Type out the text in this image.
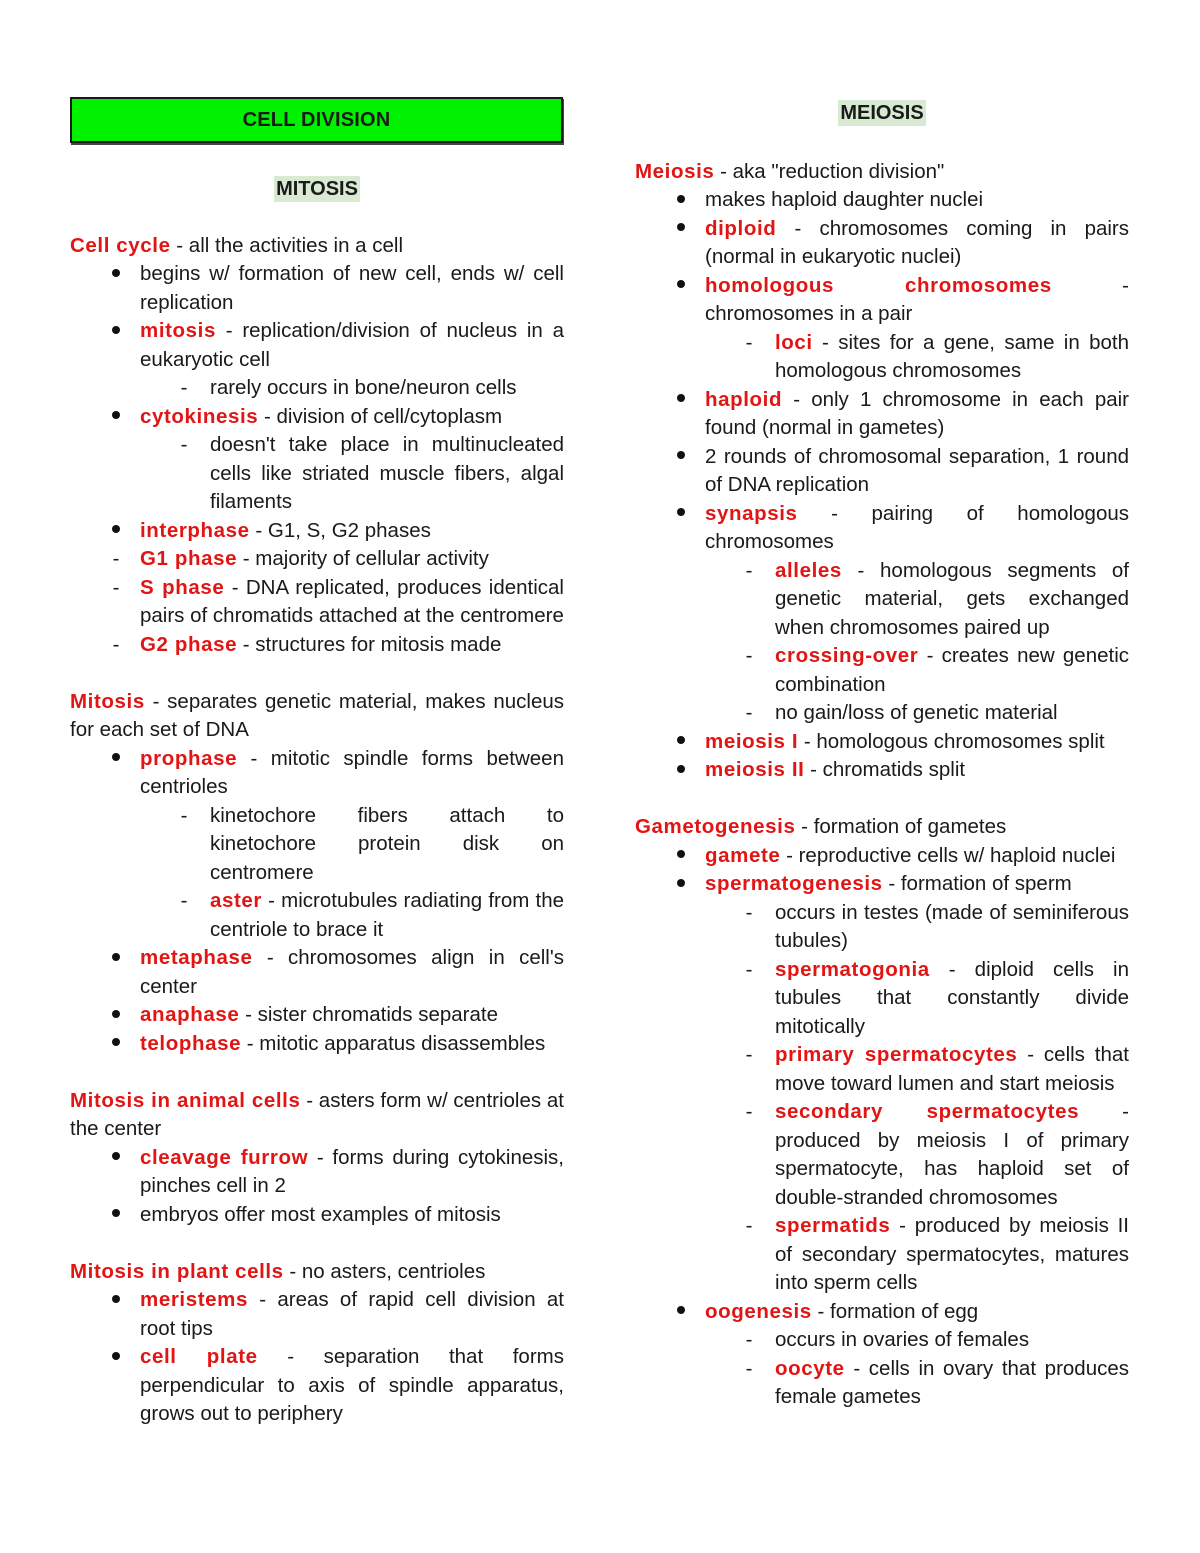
CELL DIVISION
MITOSIS

Cell cycle - all the activities in a cell

begins w/ formation of new cell, ends w/ cell replication
mitosis - replication/division of nucleus in a eukaryotic cell
-	rarely occurs in bone/neuron cells
cytokinesis - division of cell/cytoplasm
-	doesn't take place in multinucleated cells like striated muscle fibers, algal filaments
interphase - G1, S, G2 phases
-	G1 phase - majority of cellular activity
-	S phase - DNA replicated, produces identical pairs of chromatids attached at the centromere
-	G2 phase - structures for mitosis made

Mitosis - separates genetic material, makes nucleus for each set of DNA

prophase - mitotic spindle forms between centrioles
-	kinetochore fibers attach to kinetochore protein disk on centromere
-	aster - microtubules radiating from the centriole to brace it
metaphase - chromosomes align in cell's center
anaphase - sister chromatids separate
telophase - mitotic apparatus disassembles

Mitosis in animal cells - asters form w/ centrioles at the center

cleavage furrow - forms during cytokinesis, pinches cell in 2
embryos offer most examples of mitosis

Mitosis in plant cells - no asters, centrioles

meristems - areas of rapid cell division at root tips
cell plate - separation that forms perpendicular to axis of spindle apparatus, grows out to periphery
MEIOSIS

Meiosis - aka "reduction division"

makes haploid daughter nuclei
diploid - chromosomes coming in pairs (normal in eukaryotic nuclei)
homologous chromosomes - chromosomes in a pair
-	loci - sites for a gene, same in both homologous chromosomes
haploid - only 1 chromosome in each pair found (normal in gametes)
2 rounds of chromosomal separation, 1 round of DNA replication
synapsis - pairing of homologous chromosomes
-	alleles - homologous segments of genetic material, gets exchanged when chromosomes paired up
-	crossing-over - creates new genetic combination
-	no gain/loss of genetic material
meiosis I - homologous chromosomes split
meiosis II - chromatids split

Gametogenesis - formation of gametes

gamete - reproductive cells w/ haploid nuclei
spermatogenesis - formation of sperm
-	occurs in testes (made of seminiferous tubules)
-	spermatogonia - diploid cells in tubules that constantly divide mitotically
-	primary spermatocytes - cells that move toward lumen and start meiosis
-	secondary spermatocytes - produced by meiosis I of primary spermatocyte, has haploid set of double-stranded chromosomes
-	spermatids - produced by meiosis II of secondary spermatocytes, matures into sperm cells
oogenesis - formation of egg
-	occurs in ovaries of females
-	oocyte - cells in ovary that produces female gametes
